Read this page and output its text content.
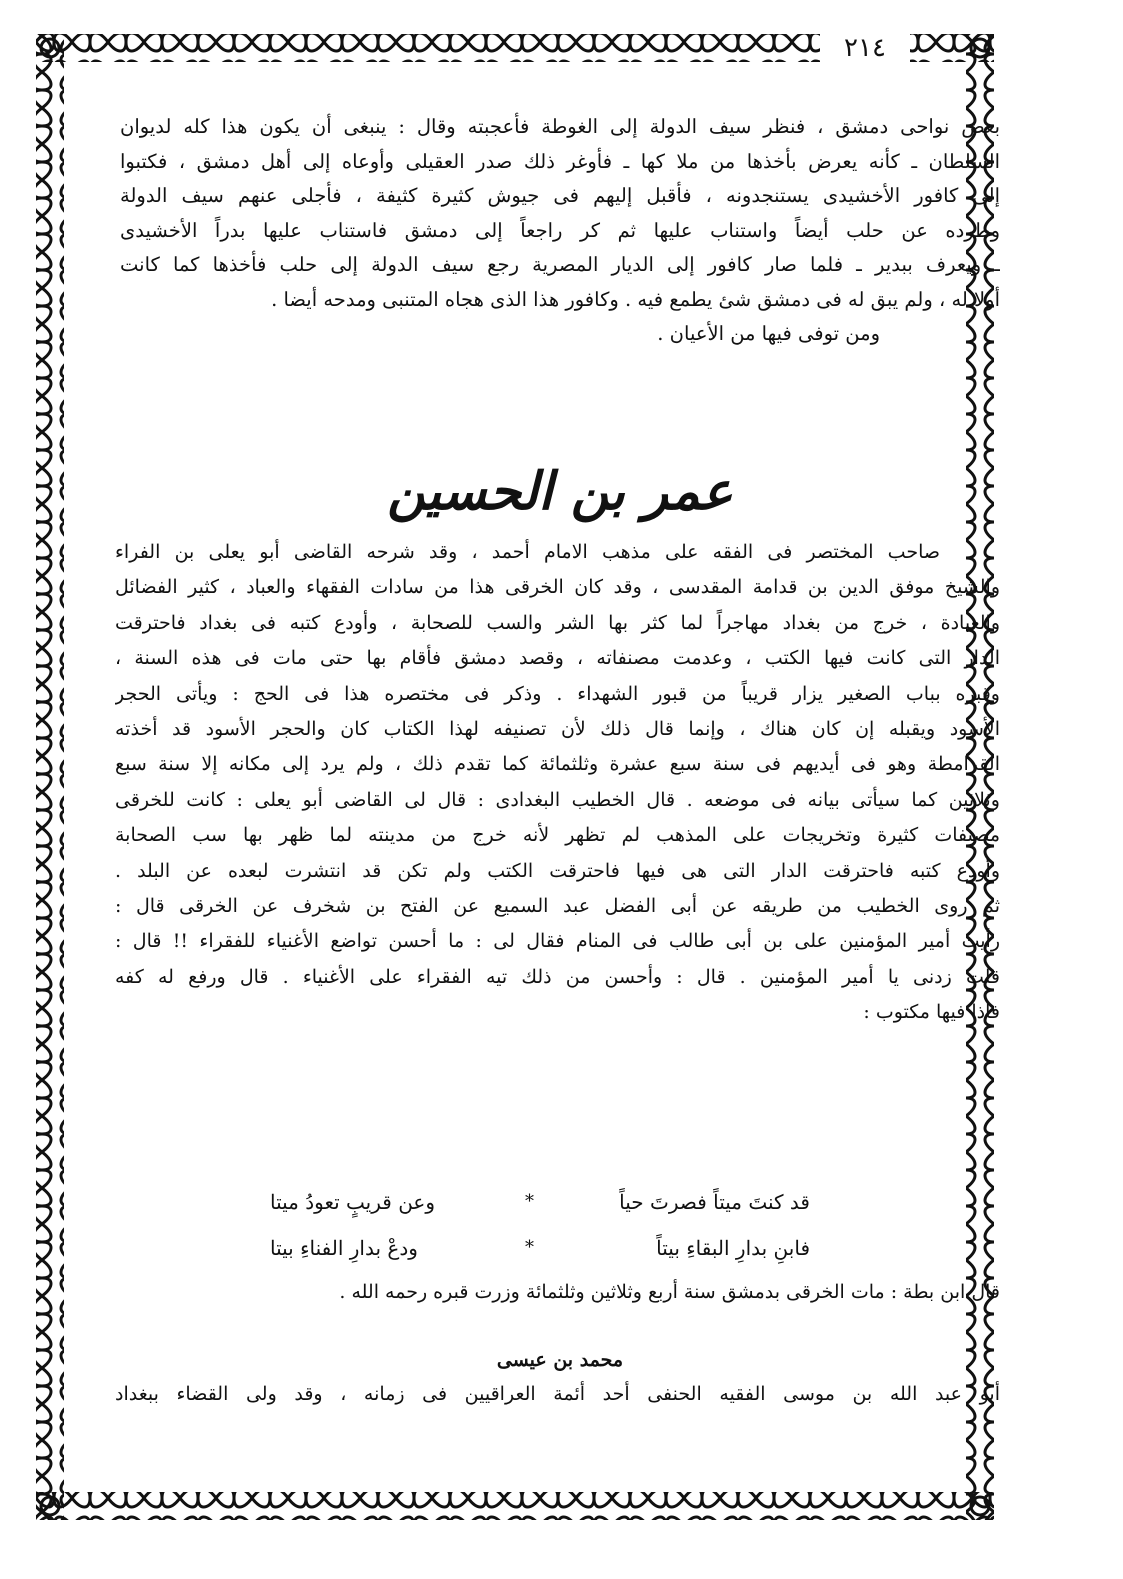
٢١٤
بعض نواحى دمشق ، فنظر سيف الدولة إلى الغوطة فأعجبته وقال : ينبغى أن يكون هذا كله لديوان
السلطان ـ كأنه يعرض بأخذها من ملا كها ـ فأوغر ذلك صدر العقيلى وأوعاه إلى أهل دمشق ، فكتبوا
إلى كافور الأخشيدى يستنجدونه ، فأقبل إليهم فى جيوش كثيرة كثيفة ، فأجلى عنهم سيف الدولة
وطرده عن حلب أيضاً واستناب عليها ثم كر راجعاً إلى دمشق فاستناب عليها بدراً الأخشيدى
ـ ويعرف ببدير ـ فلما صار كافور إلى الديار المصرية رجع سيف الدولة إلى حلب فأخذها كما كانت
أولا له ، ولم يبق له فى دمشق شئ يطمع فيه . وكافور هذا الذى هجاه المتنبى ومدحه أيضا .
ومن توفى فيها من الأعيان .
عمر بن الحسين
صاحب المختصر فى الفقه على مذهب الامام أحمد ، وقد شرحه القاضى أبو يعلى بن الفراء
والشيخ موفق الدين بن قدامة المقدسى ، وقد كان الخرقى هذا من سادات الفقهاء والعباد ، كثير الفضائل
والعبادة ، خرج من بغداد مهاجراً لما كثر بها الشر والسب للصحابة ، وأودع كتبه فى بغداد فاحترقت
الدار التى كانت فيها الكتب ، وعدمت مصنفاته ، وقصد دمشق فأقام بها حتى مات فى هذه السنة ،
وقبره بباب الصغير يزار قريباً من قبور الشهداء . وذكر فى مختصره هذا فى الحج : ويأتى الحجر
الأسود ويقبله إن كان هناك ، وإنما قال ذلك لأن تصنيفه لهذا الكتاب كان والحجر الأسود قد أخذته
القرامطة وهو فى أيديهم فى سنة سبع عشرة وثلثمائة كما تقدم ذلك ، ولم يرد إلى مكانه إلا سنة سبع
وثلاثين كما سيأتى بيانه فى موضعه . قال الخطيب البغدادى : قال لى القاضى أبو يعلى : كانت للخرقى
مصنفات كثيرة وتخريجات على المذهب لم تظهر لأنه خرج من مدينته لما ظهر بها سب الصحابة
وأودع كتبه فاحترقت الدار التى هى فيها فاحترقت الكتب ولم تكن قد انتشرت لبعده عن البلد .
ثم روى الخطيب من طريقه عن أبى الفضل عبد السميع عن الفتح بن شخرف عن الخرقى قال :
رأيت أمير المؤمنين على بن أبى طالب فى المنام فقال لى : ما أحسن تواضع الأغنياء للفقراء !! قال :
قلت زدنى يا أمير المؤمنين . قال : وأحسن من ذلك تيه الفقراء على الأغنياء . قال ورفع له كفه
فاذا فيها مكتوب :
قد كنتَ ميتاً فصرتَ حياً
*
وعن قريبٍ تعودُ ميتا
فابنِ بدارِ البقاءِ بيتاً
*
ودعْ بدارِ الفناءِ بيتا
قال ابن بطة : مات الخرقى بدمشق سنة أربع وثلاثين وثلثمائة وزرت قبره رحمه الله .
محمد بن عيسى
أبو عبد الله بن موسى الفقيه الحنفى أحد أئمة العراقيين فى زمانه ، وقد ولى القضاء ببغداد
